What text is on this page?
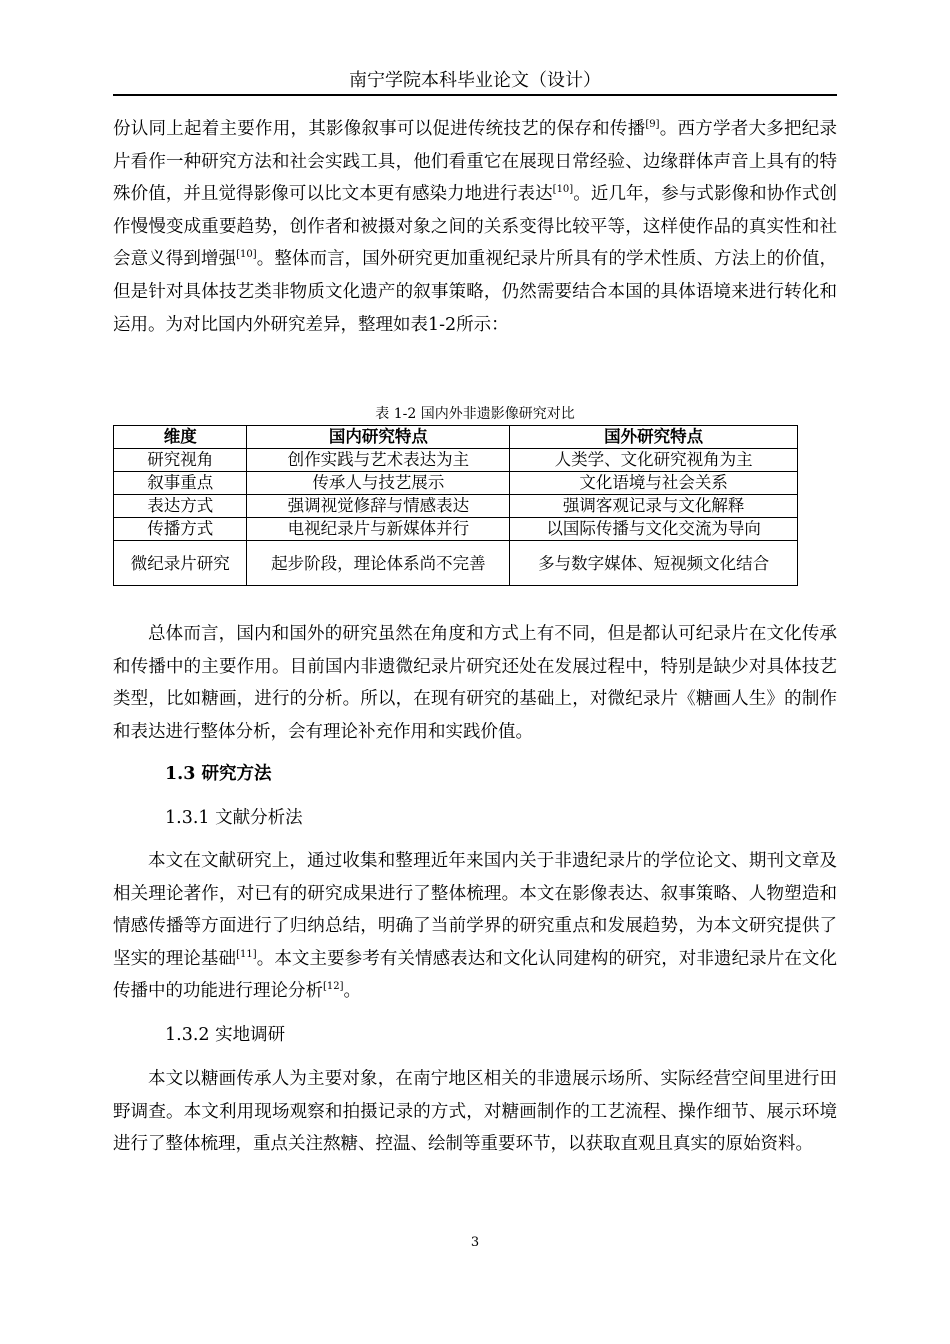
南宁学院本科毕业论文（设计）

份认同上起着主要作用，其影像叙事可以促进传统技艺的保存和传播[9]。西方学者大多把纪录片看作一种研究方法和社会实践工具，他们看重它在展现日常经验、边缘群体声音上具有的特殊价值，并且觉得影像可以比文本更有感染力地进行表达[10]。近几年，参与式影像和协作式创作慢慢变成重要趋势，创作者和被摄对象之间的关系变得比较平等，这样使作品的真实性和社会意义得到增强[10]。整体而言，国外研究更加重视纪录片所具有的学术性质、方法上的价值，但是针对具体技艺类非物质文化遗产的叙事策略，仍然需要结合本国的具体语境来进行转化和运用。为对比国内外研究差异，整理如表1-2所示：

表 1-2 国内外非遗影像研究对比
维度	国内研究特点	国外研究特点
研究视角	创作实践与艺术表达为主	人类学、文化研究视角为主
叙事重点	传承人与技艺展示	文化语境与社会关系
表达方式	强调视觉修辞与情感表达	强调客观记录与文化解释
传播方式	电视纪录片与新媒体并行	以国际传播与文化交流为导向
微纪录片研究	起步阶段，理论体系尚不完善	多与数字媒体、短视频文化结合

总体而言，国内和国外的研究虽然在角度和方式上有不同，但是都认可纪录片在文化传承和传播中的主要作用。目前国内非遗微纪录片研究还处在发展过程中，特别是缺少对具体技艺类型，比如糖画，进行的分析。所以，在现有研究的基础上，对微纪录片《糖画人生》的制作和表达进行整体分析，会有理论补充作用和实践价值。

1.3 研究方法
1.3.1 文献分析法

本文在文献研究上，通过收集和整理近年来国内关于非遗纪录片的学位论文、期刊文章及相关理论著作，对已有的研究成果进行了整体梳理。本文在影像表达、叙事策略、人物塑造和情感传播等方面进行了归纳总结，明确了当前学界的研究重点和发展趋势，为本文研究提供了坚实的理论基础[11]。本文主要参考有关情感表达和文化认同建构的研究，对非遗纪录片在文化传播中的功能进行理论分析[12]。

1.3.2 实地调研

本文以糖画传承人为主要对象，在南宁地区相关的非遗展示场所、实际经营空间里进行田野调查。本文利用现场观察和拍摄记录的方式，对糖画制作的工艺流程、操作细节、展示环境进行了整体梳理，重点关注熬糖、控温、绘制等重要环节，以获取直观且真实的原始资料。

3
